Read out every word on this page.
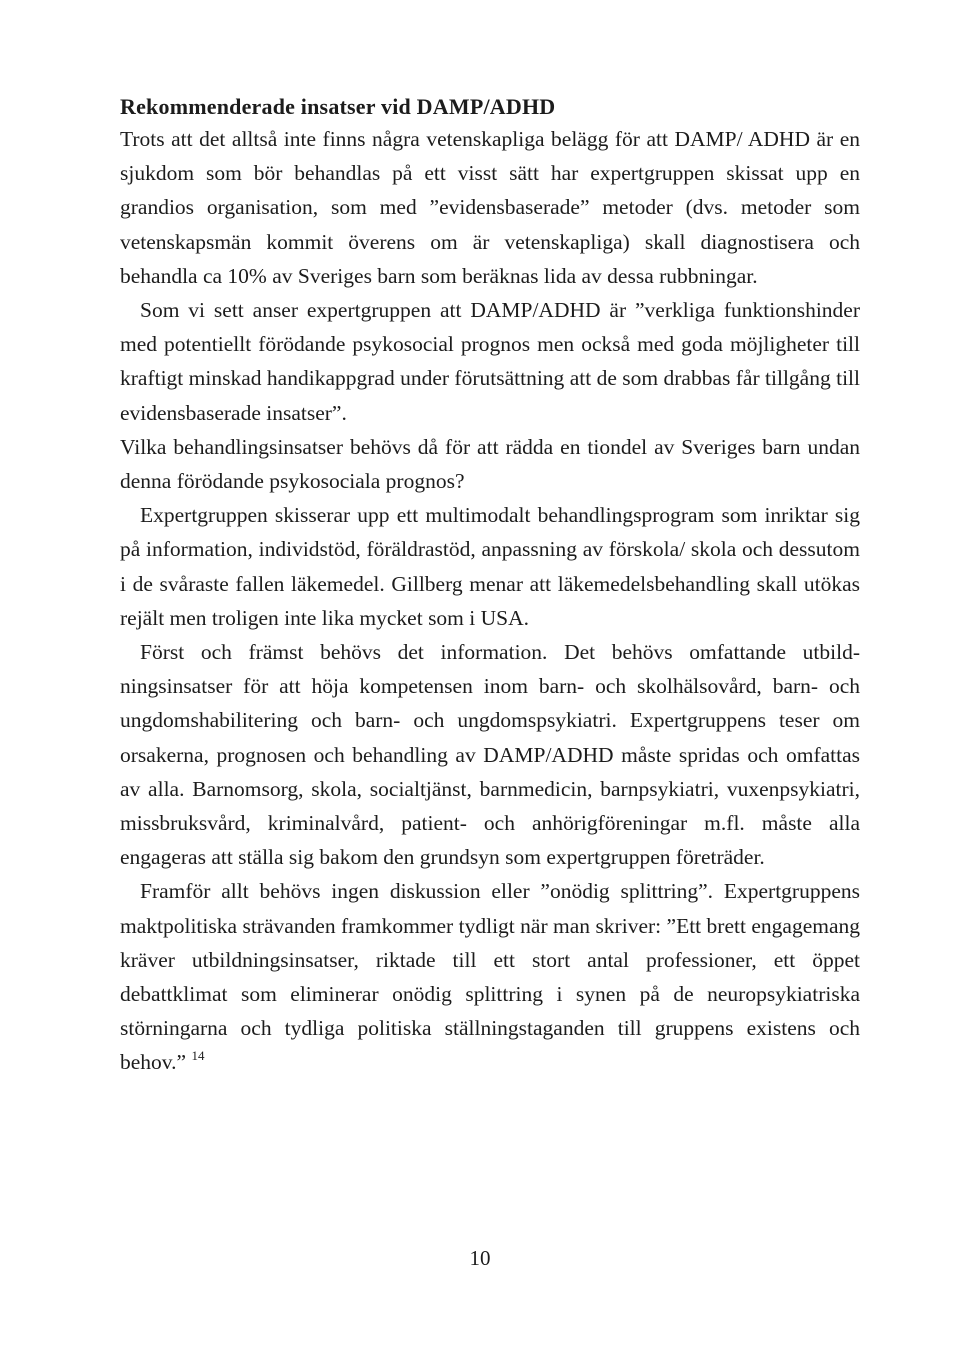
Rekommenderade insatser vid DAMP/ADHD

Trots att det alltså inte finns några vetenskapliga belägg för att DAMP/ ADHD är en sjukdom som bör behandlas på ett visst sätt har expertgruppen skissat upp en grandios organisation, som med ”evidensbaserade” metoder (dvs. metoder som vetenskapsmän kommit överens om är vetenskapliga) skall diagnostisera och behandla ca 10% av Sveriges barn som beräknas lida av dessa rubbningar.

Som vi sett anser expertgruppen att DAMP/ADHD är ”verkliga funktionshinder med potentiellt förödande psykosocial prognos men också med goda möjligheter till kraftigt minskad handikappgrad under förutsättning att de som drabbas får tillgång till evidensbaserade insatser”.

Vilka behandlingsinsatser behövs då för att rädda en tiondel av Sveriges barn undan denna förödande psykosociala prognos?

Expertgruppen skisserar upp ett multimodalt behandlingsprogram som inriktar sig på information, individstöd, föräldrastöd, anpassning av förskola/ skola och dessutom i de svåraste fallen läkemedel. Gillberg menar att läkemedelsbehandling skall utökas rejält men troligen inte lika mycket som i USA.

Först och främst behövs det information. Det behövs omfattande utbildningsinsatser för att höja kompetensen inom barn- och skolhälsovård, barn- och ungdomshabilitering och barn- och ungdomspsykiatri. Expertgruppens teser om orsakerna, prognosen och behandling av DAMP/ADHD måste spridas och omfattas av alla. Barnomsorg, skola, socialtjänst, barnmedicin, barnpsykiatri, vuxenpsykiatri, missbruksvård, kriminalvård, patient- och anhörigföreningar m.fl. måste alla engageras att ställa sig bakom den grundsyn som expertgruppen företräder.

Framför allt behövs ingen diskussion eller ”onödig splittring”. Expertgruppens maktpolitiska strävanden framkommer tydligt när man skriver: ”Ett brett engagemang kräver utbildningsinsatser, riktade till ett stort antal professioner, ett öppet debattklimat som eliminerar onödig splittring i synen på de neuropsykiatriska störningarna och tydliga politiska ställningstaganden till gruppens existens och behov.” $^{14}$

10
